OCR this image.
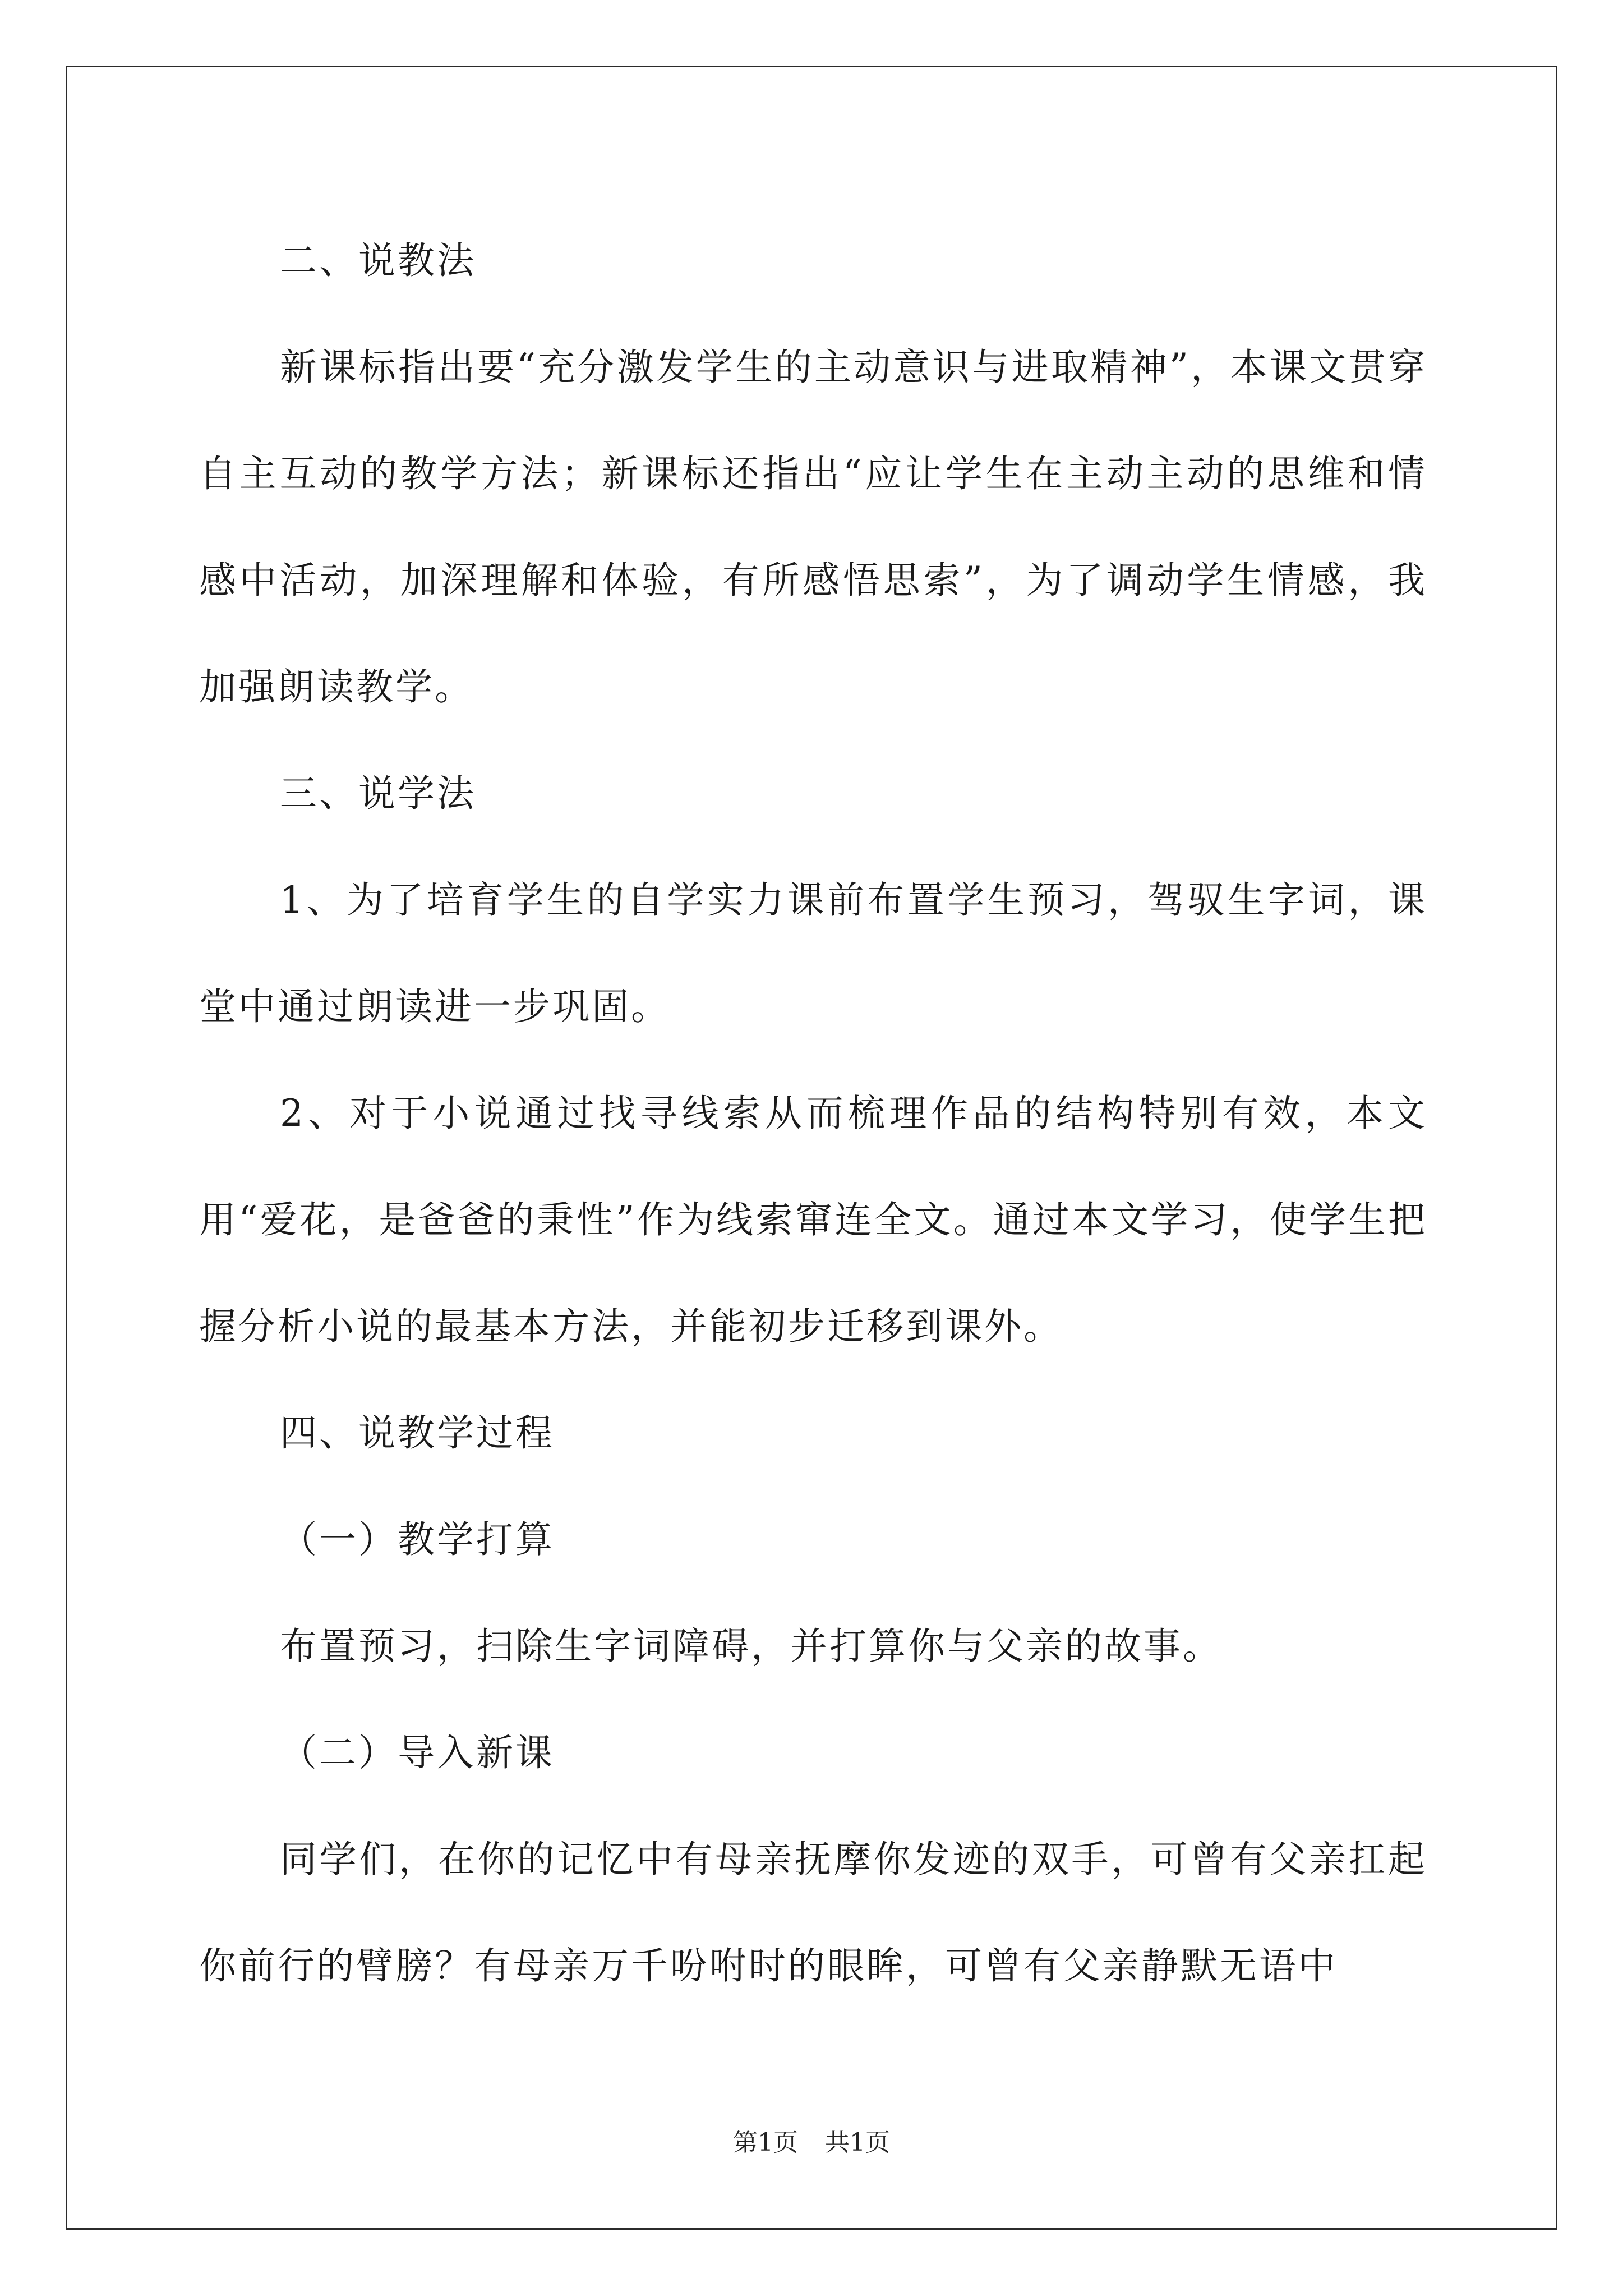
二、说教法

新课标指出要“充分激发学生的主动意识与进取精神”，本课文贯穿自主互动的教学方法；新课标还指出“应让学生在主动主动的思维和情感中活动，加深理解和体验，有所感悟思索”，为了调动学生情感，我加强朗读教学。

三、说学法

1、为了培育学生的自学实力课前布置学生预习，驾驭生字词，课堂中通过朗读进一步巩固。

2、对于小说通过找寻线索从而梳理作品的结构特别有效，本文用“爱花，是爸爸的秉性”作为线索窜连全文。通过本文学习，使学生把握分析小说的最基本方法，并能初步迁移到课外。

四、说教学过程

（一）教学打算

布置预习，扫除生字词障碍，并打算你与父亲的故事。

（二）导入新课

同学们，在你的记忆中有母亲抚摩你发迹的双手，可曾有父亲扛起你前行的臂膀？有母亲万千吩咐时的眼眸，可曾有父亲静默无语中

第1页 共1页
